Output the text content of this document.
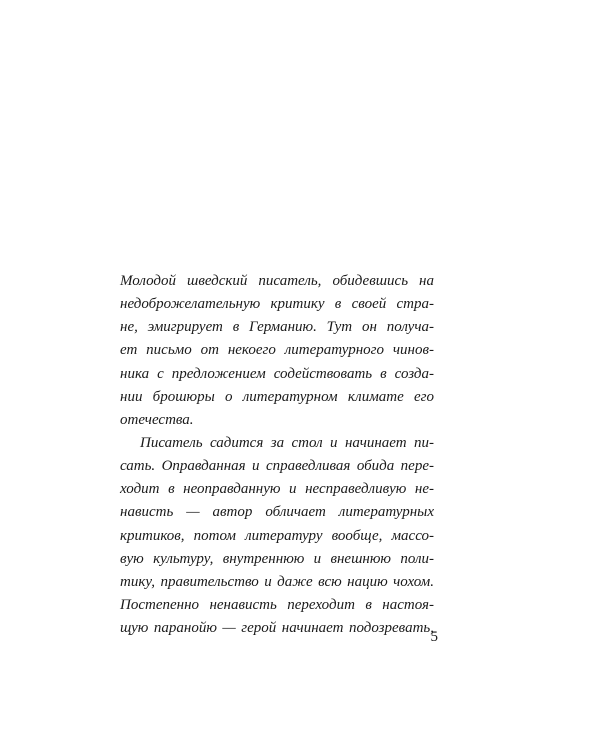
Молодой шведский писатель, обидевшись на
недоброжелательную критику в своей стра-
не, эмигрирует в Германию. Тут он получа-
ет письмо от некоего литературного чинов-
ника с предложением содействовать в созда-
нии брошюры о литературном климате его
отечества.
Писатель садится за стол и начинает пи-
сать. Оправданная и справедливая обида пере-
ходит в неоправданную и несправедливую не-
нависть — автор обличает литературных
критиков, потом литературу вообще, массо-
вую культуру, внутреннюю и внешнюю поли-
тику, правительство и даже всю нацию чохом.
Постепенно ненависть переходит в настоя-
щую паранойю — герой начинает подозревать,
5
